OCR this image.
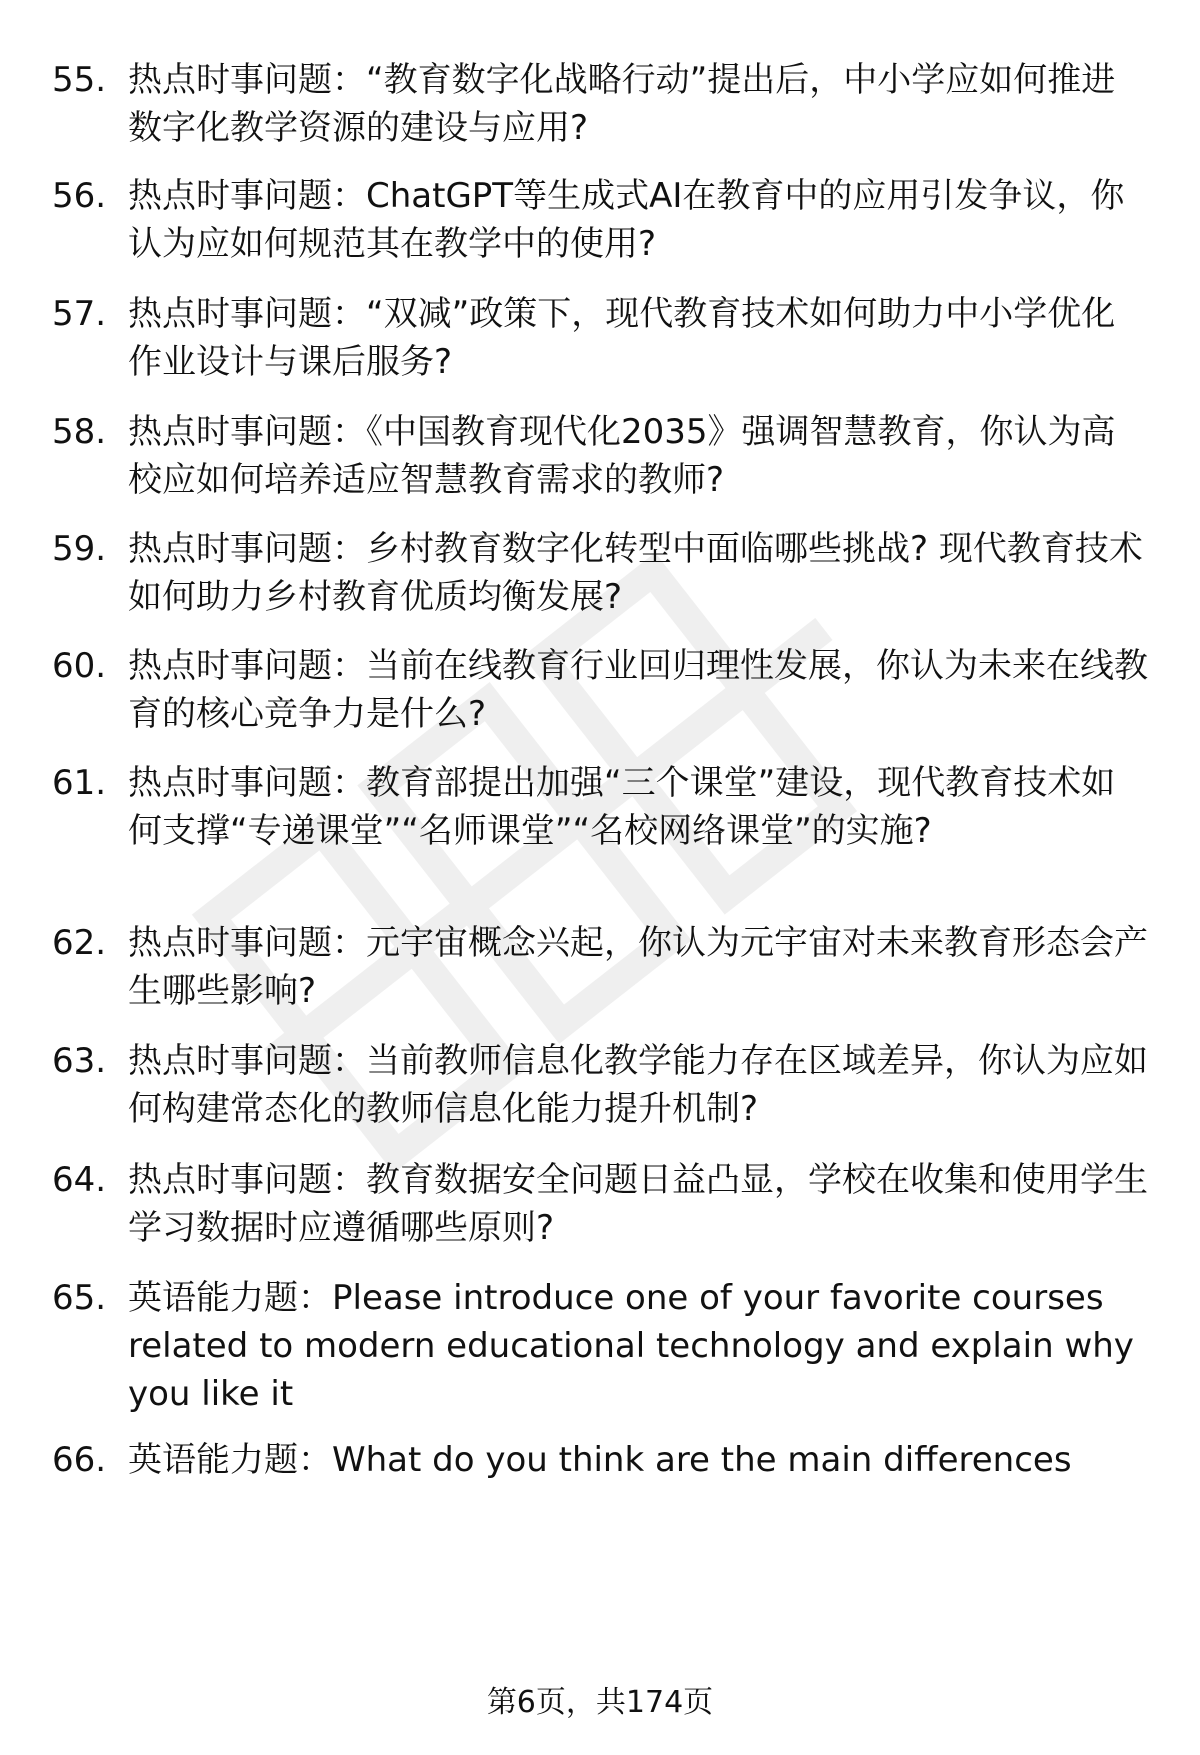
55. 热点时事问题：“教育数字化战略行动”提出后，中小学应如何推进数字化教学资源的建设与应用?
56. 热点时事问题：ChatGPT等生成式AI在教育中的应用引发争议，你认为应如何规范其在教学中的使用?
57. 热点时事问题：“双减”政策下，现代教育技术如何助力中小学优化作业设计与课后服务?
58. 热点时事问题：《中国教育现代化2035》强调智慧教育，你认为高校应如何培养适应智慧教育需求的教师?
59. 热点时事问题：乡村教育数字化转型中面临哪些挑战? 现代教育技术如何助力乡村教育优质均衡发展?
60. 热点时事问题：当前在线教育行业回归理性发展，你认为未来在线教育的核心竞争力是什么?
61. 热点时事问题：教育部提出加强“三个课堂”建设，现代教育技术如何支撑“专递课堂”“名师课堂”“名校网络课堂”的实施?
62. 热点时事问题：元宇宙概念兴起，你认为元宇宙对未来教育形态会产生哪些影响?
63. 热点时事问题：当前教师信息化教学能力存在区域差异，你认为应如何构建常态化的教师信息化能力提升机制?
64. 热点时事问题：教育数据安全问题日益凸显，学校在收集和使用学生学习数据时应遵循哪些原则?
65. 英语能力题：Please introduce one of your favorite courses related to modern educational technology and explain why you like it
66. 英语能力题：What do you think are the main differences
第6页，共174页
